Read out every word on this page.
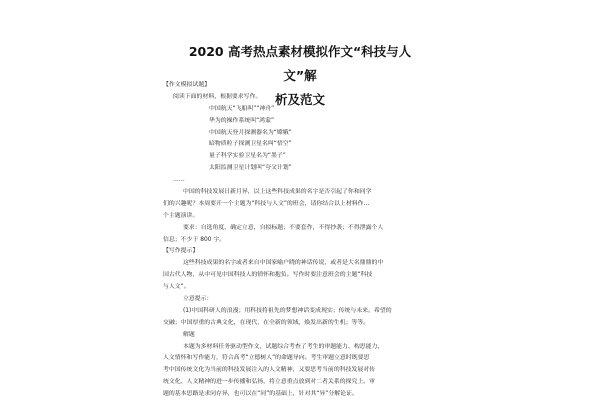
2020 高考热点素材模拟作文“科技与人文”解
析及范文
【作文模拟试题】
阅读下面的材料，根据要求写作。
中国航天“飞船叫”“神舟”
华为的操作系统叫“鸿蒙”
中国航天登月探测器名为“嫦娥”
暗物质粒子探测卫星名叫“悟空”
量子科学实验卫星名为“墨子”
太阳监测卫星计划叫“夸父计划”
……
中国的科技发展日新月异，以上这些科技成果的名字是否引起了你和同学
们的兴趣呢？本周要开一个主题为“科技与人文”的班会，请你结合以上材料作…
个主题演讲。
要求：自选角度，确定立意，自拟标题；不要套作，不得抄袭；不得泄露个人
信息；不少于 800 字。
【写作提示】
这些科技成果的名字或者来自中国家喻户晓的神话传说，或者是大名鼎鼎的中
国古代人物，从中可见中国科技人的情怀和抱负。写作时要注意班会的主题“科技
与人文”。
立意提示：
(1)中国科研人的浪漫；用科技将祖先的梦想神话变成现实；传统与未来。希望的
交融；中国厚重的古典文化，在现代，在全新的领域，焕发出新的生机；等等。
解题
本题为多材料任务驱动型作文，试题综合考查了考生的审题能力、构思能力、
人文情怀和写作能力，符合高考“立德树人”的命题导向。考生审题立意时既要思
考中国传统文化为当前的科技发展注入的人文精神，又要思考当前的科技发展对传
统文化、人文精神的进一步传播和弘扬，将立意重点放到对二者关系的探究上。审
题的基本思路是求同存异，也可以在“同”的基础上，针对其“异”分解论证。
